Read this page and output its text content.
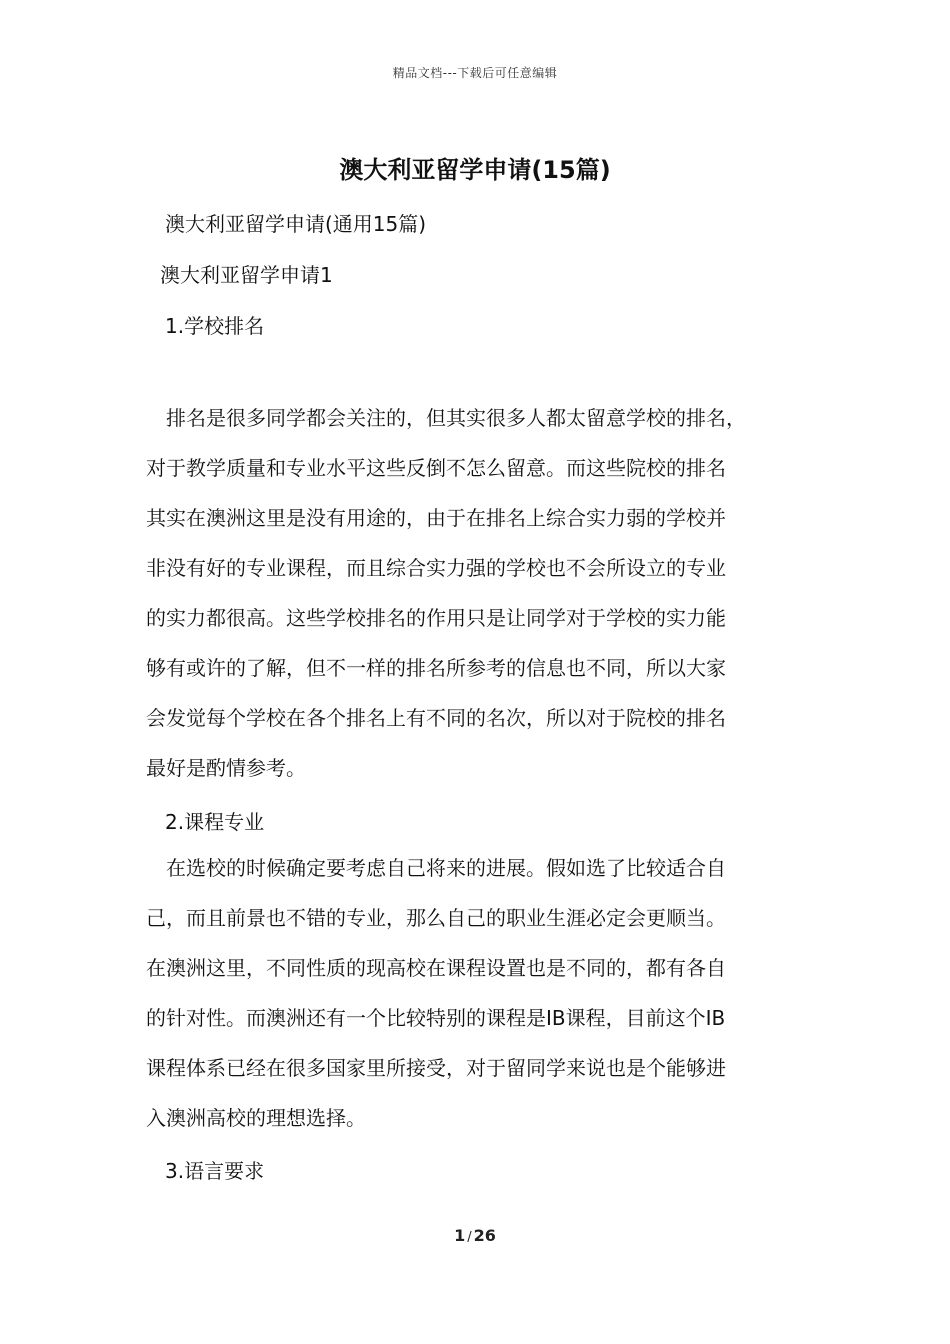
精品文档---下载后可任意编辑
澳大利亚留学申请(15篇)
澳大利亚留学申请(通用15篇)
澳大利亚留学申请1
1.学校排名
排名是很多同学都会关注的，但其实很多人都太留意学校的排名，
对于教学质量和专业水平这些反倒不怎么留意。而这些院校的排名
其实在澳洲这里是没有用途的，由于在排名上综合实力弱的学校并
非没有好的专业课程，而且综合实力强的学校也不会所设立的专业
的实力都很高。这些学校排名的作用只是让同学对于学校的实力能
够有或许的了解，但不一样的排名所参考的信息也不同，所以大家
会发觉每个学校在各个排名上有不同的名次，所以对于院校的排名
最好是酌情参考。
2.课程专业
在选校的时候确定要考虑自己将来的进展。假如选了比较适合自
己，而且前景也不错的专业，那么自己的职业生涯必定会更顺当。
在澳洲这里，不同性质的现高校在课程设置也是不同的，都有各自
的针对性。而澳洲还有一个比较特别的课程是IB课程，目前这个IB
课程体系已经在很多国家里所接受，对于留同学来说也是个能够进
入澳洲高校的理想选择。
3.语言要求
1 / 26
